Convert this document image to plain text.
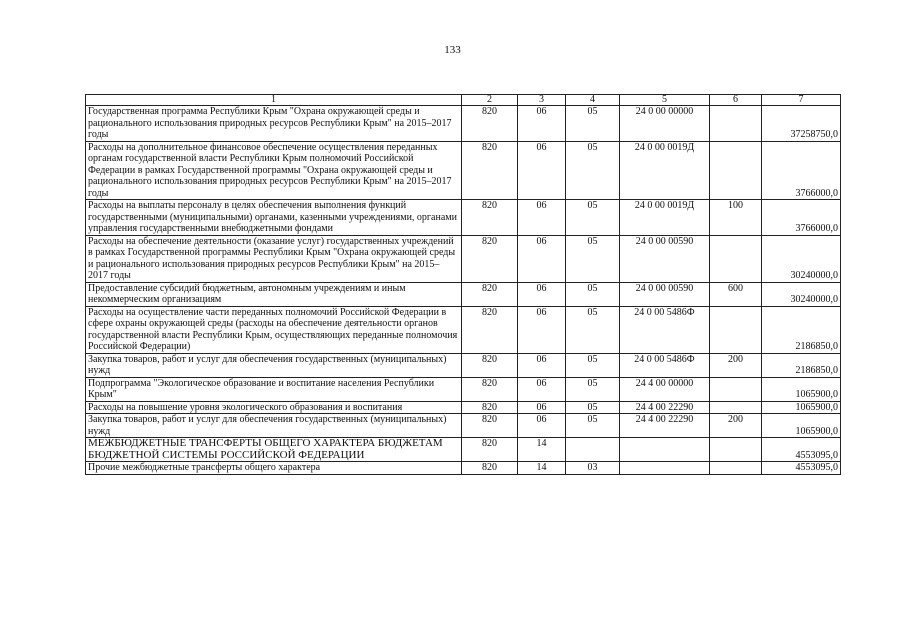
133
1	2	3	4	5	6	7
Государственная программа Республики Крым "Охрана окружающей среды и рационального использования природных ресурсов Республики Крым" на 2015–2017 годы	820	06	05	24 0 00 00000		37258750,0
Расходы на дополнительное финансовое обеспечение осуществления переданных органам государственной власти Республики Крым полномочий Российской Федерации в рамках Государственной программы "Охрана окружающей среды и рационального использования природных ресурсов Республики Крым" на 2015–2017 годы	820	06	05	24 0 00 0019Д		3766000,0
Расходы на выплаты персоналу в целях обеспечения выполнения функций государственными (муниципальными) органами, казенными учреждениями, органами управления государственными внебюджетными фондами	820	06	05	24 0 00 0019Д	100	3766000,0
Расходы на обеспечение деятельности (оказание услуг) государственных учреждений в рамках Государственной программы Республики Крым "Охрана окружающей среды и рационального использования природных ресурсов Республики Крым" на 2015–2017 годы	820	06	05	24 0 00 00590		30240000,0
Предоставление субсидий бюджетным, автономным учреждениям и иным некоммерческим организациям	820	06	05	24 0 00 00590	600	30240000,0
Расходы на осуществление части переданных полномочий Российской Федерации в сфере охраны окружающей среды (расходы на обеспечение деятельности органов государственной власти Республики Крым, осуществляющих переданные полномочия Российской Федерации)	820	06	05	24 0 00 5486Ф		2186850,0
Закупка товаров, работ и услуг для обеспечения государственных (муниципальных) нужд	820	06	05	24 0 00 5486Ф	200	2186850,0
Подпрограмма "Экологическое образование и воспитание населения Республики Крым"	820	06	05	24 4 00 00000		1065900,0
Расходы на повышение уровня экологического образования и воспитания	820	06	05	24 4 00 22290		1065900,0
Закупка товаров, работ и услуг для обеспечения государственных (муниципальных) нужд	820	06	05	24 4 00 22290	200	1065900,0
МЕЖБЮДЖЕТНЫЕ ТРАНСФЕРТЫ ОБЩЕГО ХАРАКТЕРА БЮДЖЕТАМ БЮДЖЕТНОЙ СИСТЕМЫ РОССИЙСКОЙ ФЕДЕРАЦИИ	820	14				4553095,0
Прочие межбюджетные трансферты общего характера	820	14	03			4553095,0
